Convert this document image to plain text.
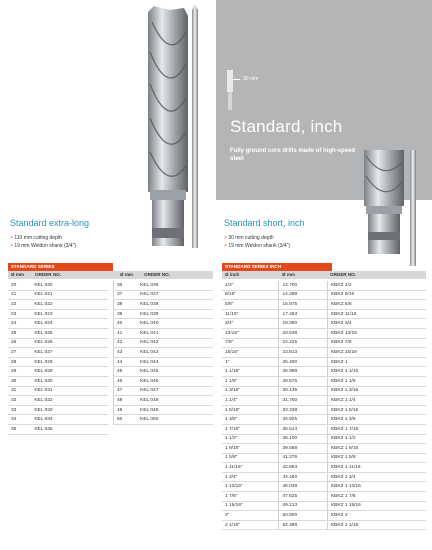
30 mm
Standard, inch
Fully ground core drills made of high-speed steel
Standard extra-long
> 110 mm cutting depth
> 19 mm Weldon shank (3/4")
Standard short, inch
> 30 mm cutting depth
> 19 mm Weldon shank (3/4")
STANDARD SERIES
Ø mm ORDER NO.	Ø mm ORDER NO.
20	KEL 020
21	KEL 021
22	KEL 022
23	KEL 023
24	KEL 024
25	KEL 025
26	KEL 026
27	KEL 027
28	KEL 028
29	KEL 029
30	KEL 030
31	KEL 031
32	KEL 032
33	KEL 033
34	KEL 034
35	KEL 035
36	KEL 036
37	KEL 037
38	KEL 038
39	KEL 039
40	KEL 040
41	KEL 041
42	KEL 042
43	KEL 043
44	KEL 044
45	KEL 045
46	KEL 046
47	KEL 047
48	KEL 048
49	KEL 049
50	KEL 050
STANDARD SERIES INCH
Ø inch	Ø mm	ORDER NO.
1/2"	12.700	KBKZ 1/2
9/16"	14.288	KBKZ 9/16
5/8"	15.875	KBKZ 5/8
11/16"	17.463	KBKZ 11/16
3/4"	19.050	KBKZ 3/4
13/16"	20.638	KBKZ 13/16
7/8"	22.225	KBKZ 7/8
15/16"	23.813	KBKZ 15/16
1"	25.400	KBKZ 1
1 1/16"	26.988	KBKZ 1 1/16
1 1/8"	28.575	KBKZ 1 1/8
1 3/16"	30.136	KBKZ 1 3/16
1 1/4"	31.750	KBKZ 1 1/4
1 5/16"	33.338	KBKZ 1 5/16
1 3/8"	34.925	KBKZ 1 3/8
1 7/16"	36.513	KBKZ 1 7/16
1 1/2"	38.100	KBKZ 1 1/2
1 9/16"	39.688	KBKZ 1 9/16
1 5/8"	41.276	KBKZ 1 5/8
1 11/16"	42.863	KBKZ 1 11/16
1 3/4"	44.450	KBKZ 1 3/4
1 13/16"	46.038	KBKZ 1 13/16
1 7/8"	47.625	KBKZ 1 7/8
1 15/16"	49.213	KBKZ 1 15/16
2"	50.800	KBKZ 2
2 1/16"	52.388	KBKZ 2 1/16
